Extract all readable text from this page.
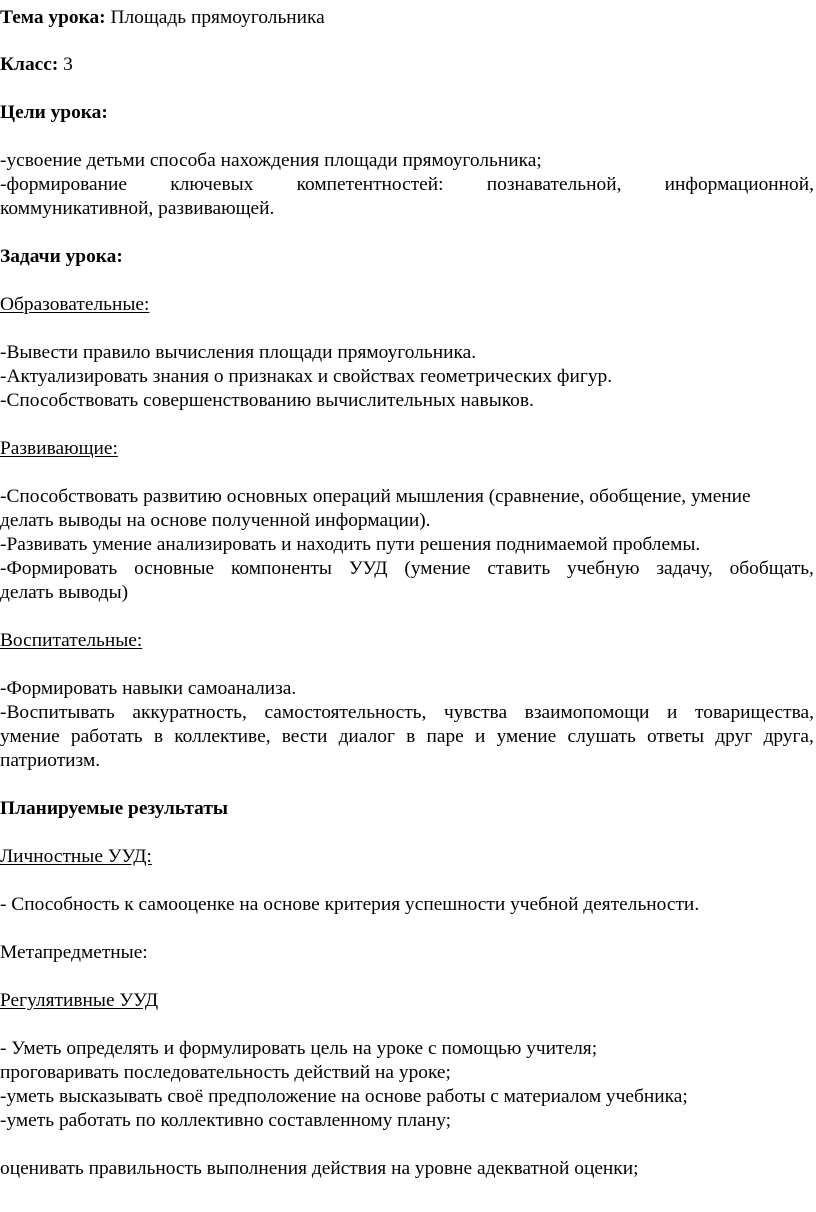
Тема урока: Площадь прямоугольника
Класс: 3
Цели урока:
-усвоение детьми способа нахождения площади прямоугольника;
-формирование ключевых компетентностей: познавательной, информационной,
коммуникативной, развивающей.
Задачи урока:
Образовательные:
-Вывести правило вычисления площади прямоугольника.
-Актуализировать знания о признаках и свойствах геометрических фигур.
-Способствовать совершенствованию вычислительных навыков.
Развивающие:
-Способствовать развитию основных операций мышления (сравнение, обобщение, умение
делать выводы на основе полученной информации).
-Развивать умение анализировать и находить пути решения поднимаемой проблемы.
-Формировать основные компоненты УУД (умение ставить учебную задачу, обобщать,
делать выводы)
Воспитательные:
-Формировать навыки самоанализа.
-Воспитывать аккуратность, самостоятельность, чувства взаимопомощи и товарищества,
умение работать в коллективе, вести диалог в паре и умение слушать ответы друг друга,
патриотизм.
Планируемые результаты
Личностные УУД:
- Способность к самооценке на основе критерия успешности учебной деятельности.
Метапредметные:
Регулятивные УУД
- Уметь определять и формулировать цель на уроке с помощью учителя;
проговаривать последовательность действий на уроке;
-уметь высказывать своё предположение на основе работы с материалом учебника;
-уметь работать по коллективно составленному плану;
оценивать правильность выполнения действия на уровне адекватной оценки;
